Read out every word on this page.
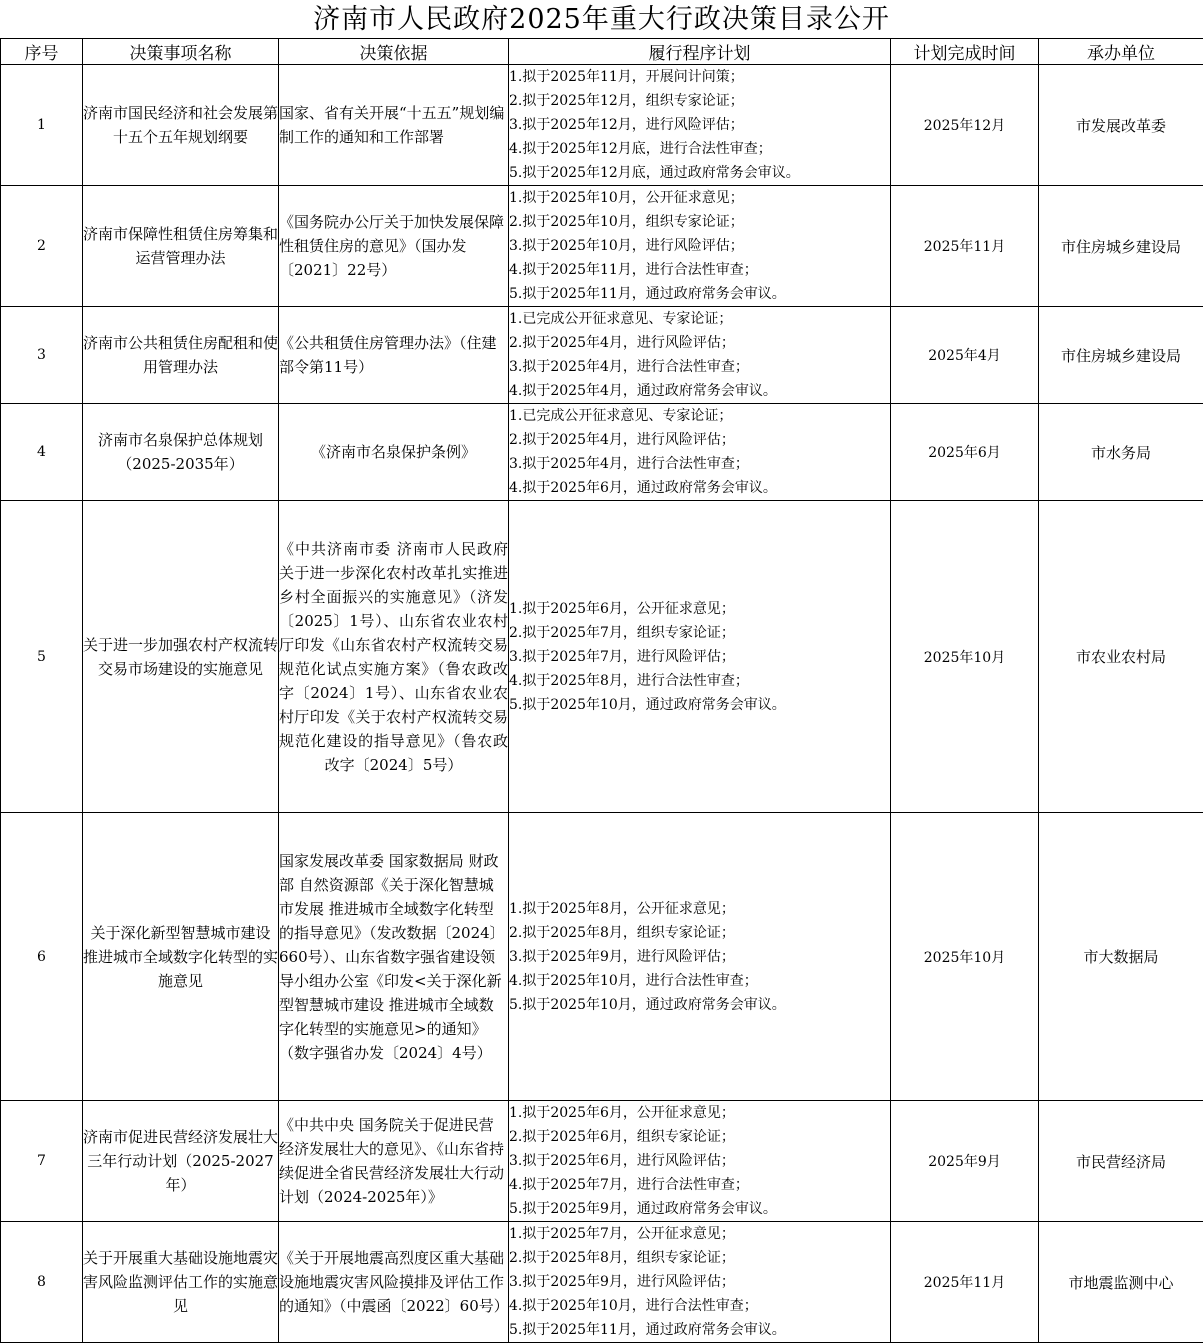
济南市人民政府2025年重大行政决策目录公开
序号	决策事项名称	决策依据	履行程序计划	计划完成时间	承办单位
1	济南市国民经济和社会发展第十五个五年规划纲要	国家、省有关开展“十五五”规划编制工作的通知和工作部署	1.拟于2025年11月，开展问计问策；
2.拟于2025年12月，组织专家论证；
3.拟于2025年12月，进行风险评估；
4.拟于2025年12月底，进行合法性审查；
5.拟于2025年12月底，通过政府常务会审议。	2025年12月	市发展改革委
2	济南市保障性租赁住房筹集和运营管理办法	《国务院办公厅关于加快发展保障性租赁住房的意见》（国办发〔2021〕22号）	1.拟于2025年10月，公开征求意见；
2.拟于2025年10月，组织专家论证；
3.拟于2025年10月，进行风险评估；
4.拟于2025年11月，进行合法性审查；
5.拟于2025年11月，通过政府常务会审议。	2025年11月	市住房城乡建设局
3	济南市公共租赁住房配租和使用管理办法	《公共租赁住房管理办法》（住建部令第11号）	1.已完成公开征求意见、专家论证；
2.拟于2025年4月，进行风险评估；
3.拟于2025年4月，进行合法性审查；
4.拟于2025年4月，通过政府常务会审议。	2025年4月	市住房城乡建设局
4	济南市名泉保护总体规划（2025-2035年）	《济南市名泉保护条例》	1.已完成公开征求意见、专家论证；
2.拟于2025年4月，进行风险评估；
3.拟于2025年4月，进行合法性审查；
4.拟于2025年6月，通过政府常务会审议。	2025年6月	市水务局
5	关于进一步加强农村产权流转交易市场建设的实施意见	《中共济南市委 济南市人民政府关于进一步深化农村改革扎实推进乡村全面振兴的实施意见》（济发〔2025〕1号）、山东省农业农村厅印发《山东省农村产权流转交易规范化试点实施方案》（鲁农政改字〔2024〕1号）、山东省农业农村厅印发《关于农村产权流转交易规范化建设的指导意见》（鲁农政改字〔2024〕5号）	1.拟于2025年6月，公开征求意见；
2.拟于2025年7月，组织专家论证；
3.拟于2025年7月，进行风险评估；
4.拟于2025年8月，进行合法性审查；
5.拟于2025年10月，通过政府常务会审议。	2025年10月	市农业农村局
6	关于深化新型智慧城市建设 推进城市全域数字化转型的实施意见	国家发展改革委 国家数据局 财政部 自然资源部《关于深化智慧城市发展 推进城市全域数字化转型的指导意见》（发改数据〔2024〕660号）、山东省数字强省建设领导小组办公室《印发<关于深化新型智慧城市建设 推进城市全域数字化转型的实施意见>的通知》（数字强省办发〔2024〕4号）	1.拟于2025年8月，公开征求意见；
2.拟于2025年8月，组织专家论证；
3.拟于2025年9月，进行风险评估；
4.拟于2025年10月，进行合法性审查；
5.拟于2025年10月，通过政府常务会审议。	2025年10月	市大数据局
7	济南市促进民营经济发展壮大三年行动计划（2025-2027年）	《中共中央 国务院关于促进民营经济发展壮大的意见》、《山东省持续促进全省民营经济发展壮大行动计划（2024-2025年）》	1.拟于2025年6月，公开征求意见；
2.拟于2025年6月，组织专家论证；
3.拟于2025年6月，进行风险评估；
4.拟于2025年7月，进行合法性审查；
5.拟于2025年9月，通过政府常务会审议。	2025年9月	市民营经济局
8	关于开展重大基础设施地震灾害风险监测评估工作的实施意见	《关于开展地震高烈度区重大基础设施地震灾害风险摸排及评估工作的通知》（中震函〔2022〕60号）	1.拟于2025年7月，公开征求意见；
2.拟于2025年8月，组织专家论证；
3.拟于2025年9月，进行风险评估；
4.拟于2025年10月，进行合法性审查；
5.拟于2025年11月，通过政府常务会审议。	2025年11月	市地震监测中心
